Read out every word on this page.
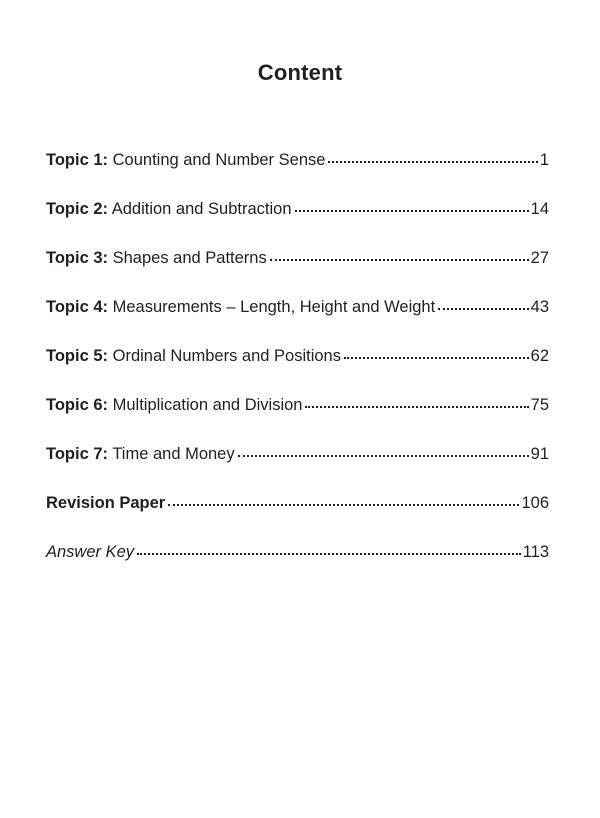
Content
Topic 1: Counting and Number Sense	1
Topic 2: Addition and Subtraction	14
Topic 3: Shapes and Patterns	27
Topic 4: Measurements – Length, Height and Weight	43
Topic 5: Ordinal Numbers and Positions	62
Topic 6: Multiplication and Division	75
Topic 7: Time and Money	91
Revision Paper	106
Answer Key	113
